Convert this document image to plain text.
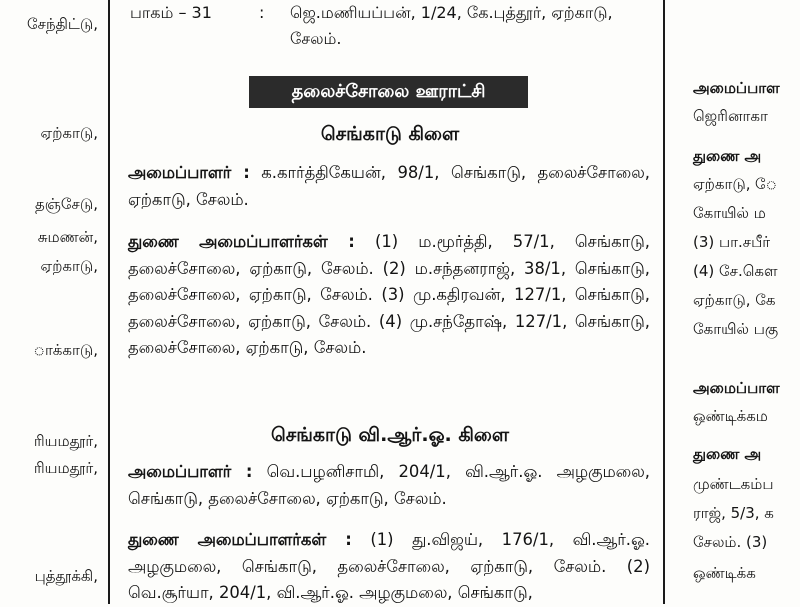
சேந்திட்டு,
ஏற்காடு,
தஞ்சேடு,
சுமணன்,
ஏற்காடு,
ாக்காடு,
ரியமதூர்,
ரியமதூர்,
புத்தூக்கி,
பாகம் – 31	: ஜெ.மணியப்பன், 1/24, கே.புத்தூர், ஏற்காடு,
சேலம்.
தலைச்சோலை ஊராட்சி
செங்காடு கிளை
அமைப்பாளர் : க.கார்த்திகேயன், 98/1, செங்காடு, தலைச்சோலை, ஏற்காடு, சேலம்.
துணை அமைப்பாளர்கள் : (1) ம.மூர்த்தி, 57/1, செங்காடு, தலைச்சோலை, ஏற்காடு, சேலம். (2) ம.சந்தனராஜ், 38/1, செங்காடு, தலைச்சோலை, ஏற்காடு, சேலம். (3) மு.கதிரவன், 127/1, செங்காடு, தலைச்சோலை, ஏற்காடு, சேலம். (4) மு.சந்தோஷ், 127/1, செங்காடு, தலைச்சோலை, ஏற்காடு, சேலம்.
செங்காடு வி.ஆர்.ஓ. கிளை
அமைப்பாளர் : வெ.பழனிசாமி, 204/1, வி.ஆர்.ஓ. அழகுமலை, செங்காடு, தலைச்சோலை, ஏற்காடு, சேலம்.
துணை அமைப்பாளர்கள் : (1) து.விஜய், 176/1, வி.ஆர்.ஓ. அழகுமலை, செங்காடு, தலைச்சோலை, ஏற்காடு, சேலம். (2) வெ.சூர்யா, 204/1, வி.ஆர்.ஓ. அழகுமலை, செங்காடு,
அமைப்பாள
ஜெரினாகா
துணை அ
ஏற்காடு, ே
கோயில் ம
(3) பா.சபீர்
(4) சே.கௌ
ஏற்காடு, கே
கோயில் பகு
அமைப்பாள
ஒண்டிக்கம
துணை அ
முண்டகம்ப
ராஜ், 5/3, க
சேலம். (3)
ஒண்டிக்க
